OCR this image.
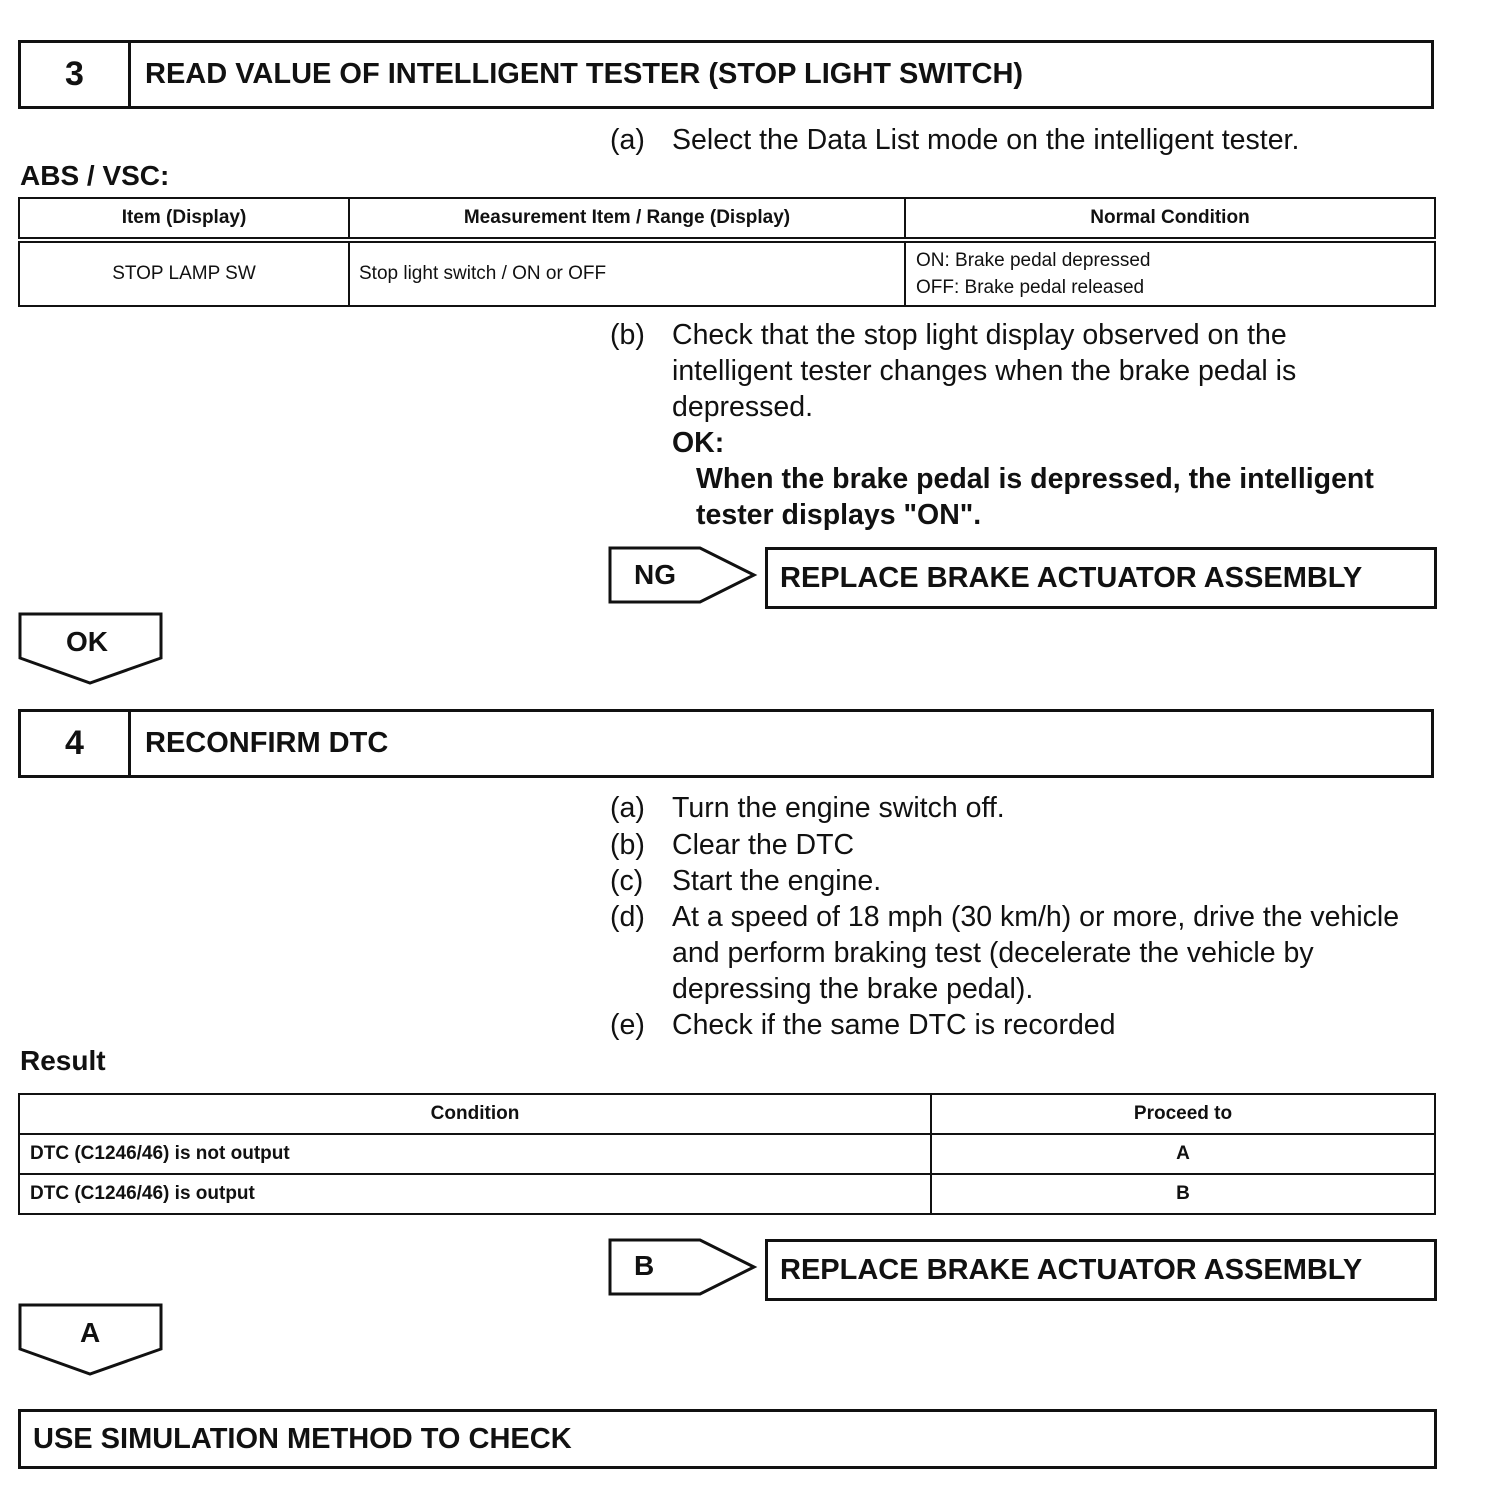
3	READ VALUE OF INTELLIGENT TESTER (STOP LIGHT SWITCH)
(a) Select the Data List mode on the intelligent tester.
ABS / VSC:
Item (Display)	Measurement Item / Range (Display)	Normal Condition
STOP LAMP SW	Stop light switch / ON or OFF	ON: Brake pedal depressed
OFF: Brake pedal released
(b) Check that the stop light display observed on the intelligent tester changes when the brake pedal is depressed.
OK:
When the brake pedal is depressed, the intelligent tester displays "ON".
NG	REPLACE BRAKE ACTUATOR ASSEMBLY
OK
4	RECONFIRM DTC
(a) Turn the engine switch off.
(b) Clear the DTC
(c) Start the engine.
(d) At a speed of 18 mph (30 km/h) or more, drive the vehicle and perform braking test (decelerate the vehicle by depressing the brake pedal).
(e) Check if the same DTC is recorded
Result
Condition	Proceed to
DTC (C1246/46) is not output	A
DTC (C1246/46) is output	B
B	REPLACE BRAKE ACTUATOR ASSEMBLY
A
USE SIMULATION METHOD TO CHECK
